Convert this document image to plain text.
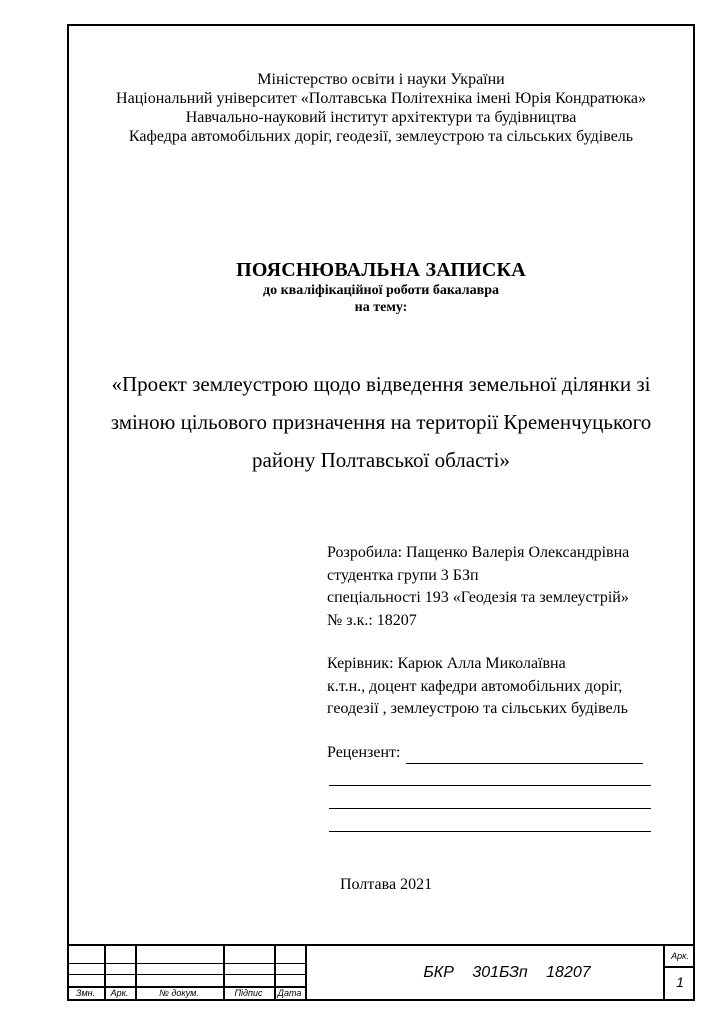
Міністерство освіти і науки України
Національний університет «Полтавська Політехніка імені Юрія Кондратюка»
Навчально-науковий інститут архітектури та будівництва
Кафедра автомобільних доріг, геодезії, землеустрою та сільських будівель
ПОЯСНЮВАЛЬНА ЗАПИСКА
до кваліфікаційної роботи бакалавра
на тему:
«Проект землеустрою щодо відведення земельної ділянки зі
зміною цільового призначення на території Кременчуцького
району Полтавської області»
Розробила: Пащенко Валерія Олександрівна
студентка групи 3 БЗп
спеціальності 193 «Геодезія та землеустрій»
№ з.к.: 18207
Керівник: Карюк Алла Миколаївна
к.т.н., доцент кафедри автомобільних доріг,
геодезії , землеустрою та сільських будівель
Рецензент:
Полтава 2021
Змн.	Арк.	№ докум.	Підпис	Дата
БКР 301БЗп 18207
Арк.
1
